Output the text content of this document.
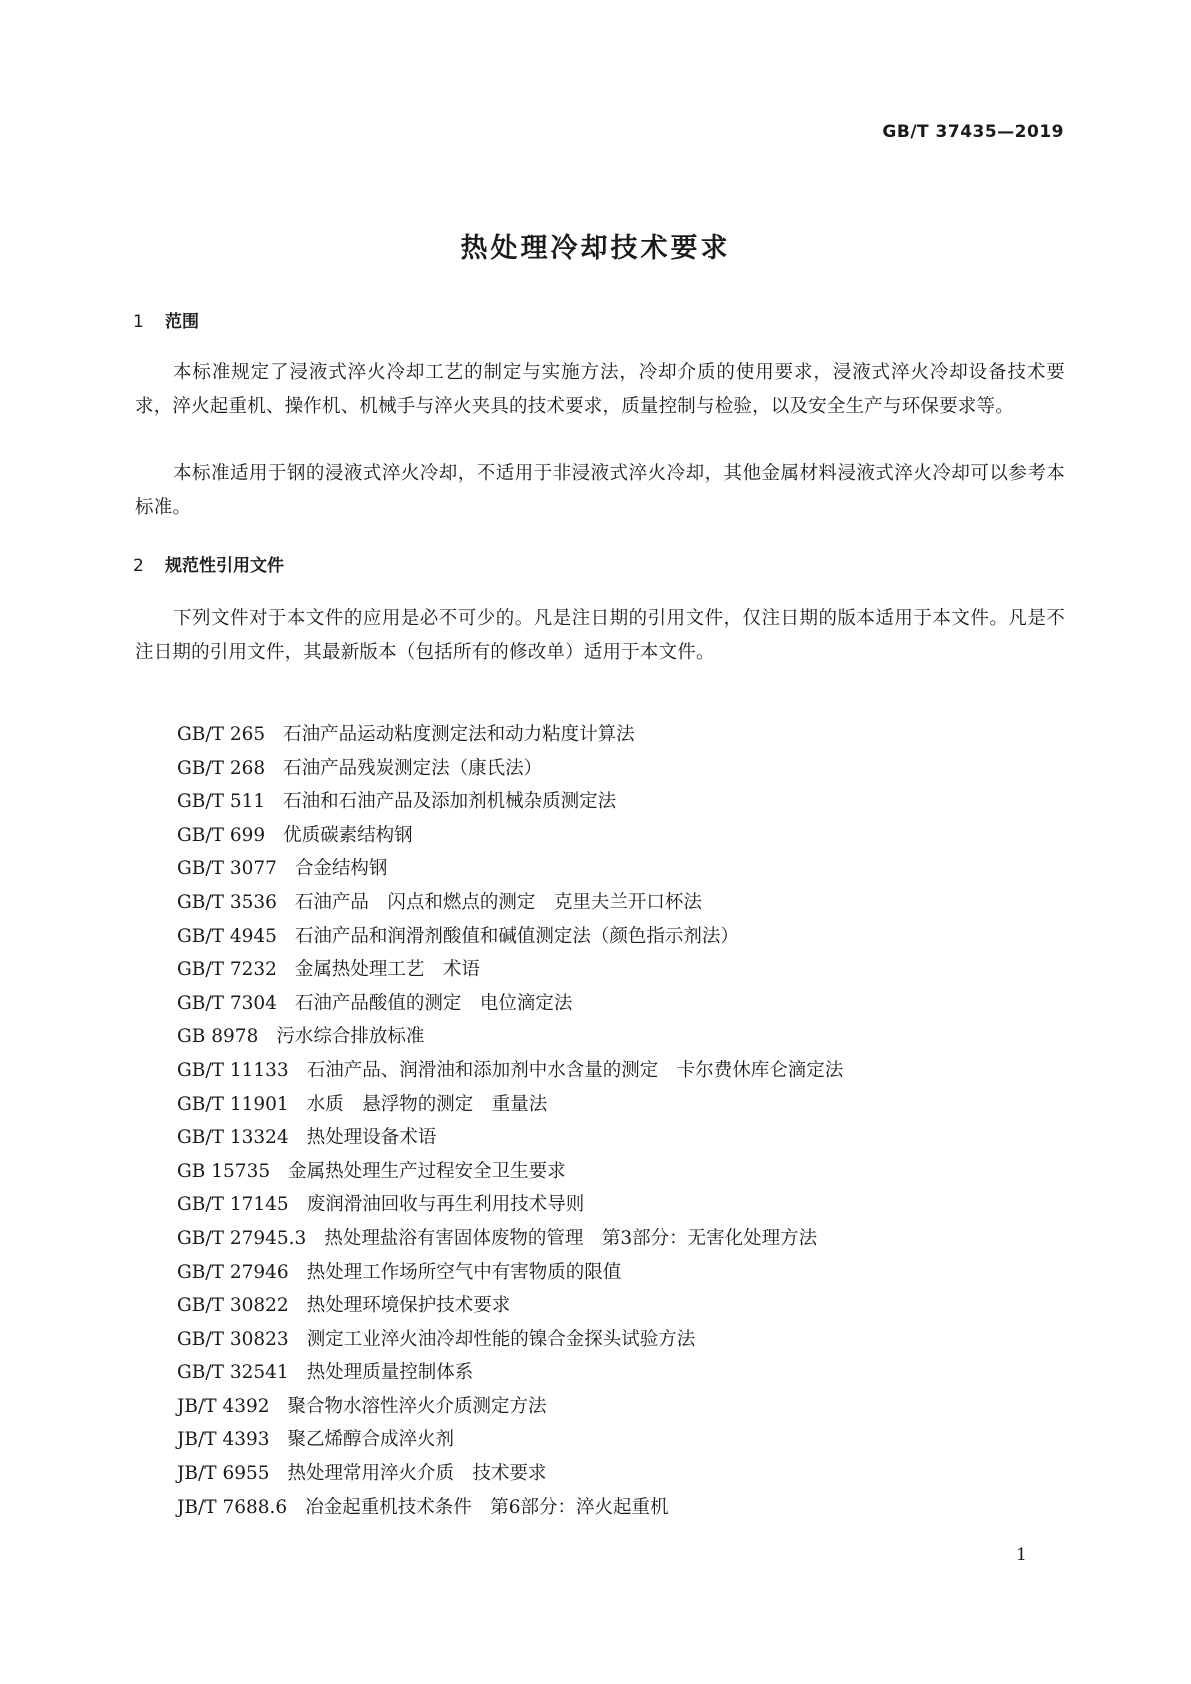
GB/T 37435—2019
热处理冷却技术要求
1 范围

本标准规定了浸液式淬火冷却工艺的制定与实施方法，冷却介质的使用要求，浸液式淬火冷却设备技术要求，淬火起重机、操作机、机械手与淬火夹具的技术要求，质量控制与检验，以及安全生产与环保要求等。

本标准适用于钢的浸液式淬火冷却，不适用于非浸液式淬火冷却，其他金属材料浸液式淬火冷却可以参考本标准。

2 规范性引用文件

下列文件对于本文件的应用是必不可少的。凡是注日期的引用文件，仅注日期的版本适用于本文件。凡是不注日期的引用文件，其最新版本（包括所有的修改单）适用于本文件。

GB/T 265 石油产品运动粘度测定法和动力粘度计算法
GB/T 268 石油产品残炭测定法（康氏法）
GB/T 511 石油和石油产品及添加剂机械杂质测定法
GB/T 699 优质碳素结构钢
GB/T 3077 合金结构钢
GB/T 3536 石油产品　闪点和燃点的测定　克里夫兰开口杯法
GB/T 4945 石油产品和润滑剂酸值和碱值测定法（颜色指示剂法）
GB/T 7232 金属热处理工艺　术语
GB/T 7304 石油产品酸值的测定　电位滴定法
GB 8978 污水综合排放标准
GB/T 11133 石油产品、润滑油和添加剂中水含量的测定　卡尔费休库仑滴定法
GB/T 11901 水质　悬浮物的测定　重量法
GB/T 13324 热处理设备术语
GB 15735 金属热处理生产过程安全卫生要求
GB/T 17145 废润滑油回收与再生利用技术导则
GB/T 27945.3 热处理盐浴有害固体废物的管理　第3部分：无害化处理方法
GB/T 27946 热处理工作场所空气中有害物质的限值
GB/T 30822 热处理环境保护技术要求
GB/T 30823 测定工业淬火油冷却性能的镍合金探头试验方法
GB/T 32541 热处理质量控制体系
JB/T 4392 聚合物水溶性淬火介质测定方法
JB/T 4393 聚乙烯醇合成淬火剂
JB/T 6955 热处理常用淬火介质　技术要求
JB/T 7688.6 冶金起重机技术条件　第6部分：淬火起重机
1
